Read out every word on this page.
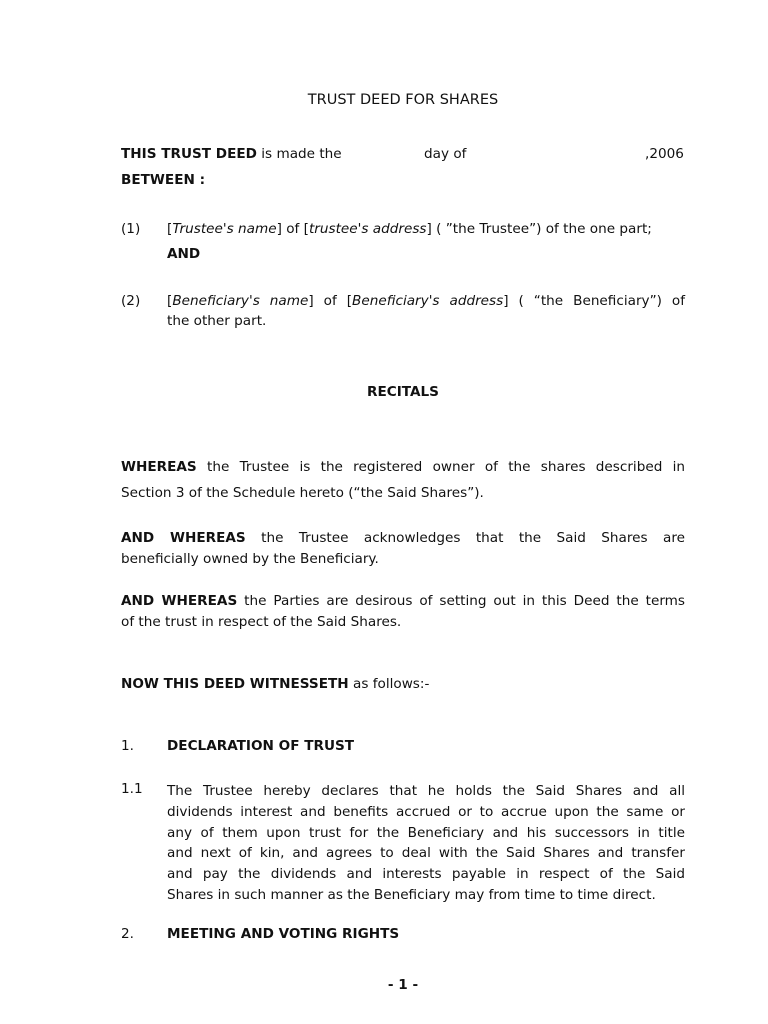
TRUST DEED FOR SHARES
THIS TRUST DEED is made the	day of	,2006
BETWEEN :
(1) [Trustee's name] of [trustee's address] ( ”the Trustee”) of the one part;
AND
(2) [Beneficiary's name] of [Beneficiary's address] ( “the Beneficiary”) of
the other part.
RECITALS
WHEREAS the Trustee is the registered owner of the shares described in
Section 3 of the Schedule hereto (“the Said Shares”).
AND WHEREAS the Trustee acknowledges that the Said Shares are
beneficially owned by the Beneficiary.
AND WHEREAS the Parties are desirous of setting out in this Deed the terms
of the trust in respect of the Said Shares.
NOW THIS DEED WITNESSETH as follows:-
1. DECLARATION OF TRUST
1.1 The Trustee hereby declares that he holds the Said Shares and all
dividends interest and benefits accrued or to accrue upon the same or
any of them upon trust for the Beneficiary and his successors in title
and next of kin, and agrees to deal with the Said Shares and transfer
and pay the dividends and interests payable in respect of the Said
Shares in such manner as the Beneficiary may from time to time direct.
2. MEETING AND VOTING RIGHTS
- 1 -
